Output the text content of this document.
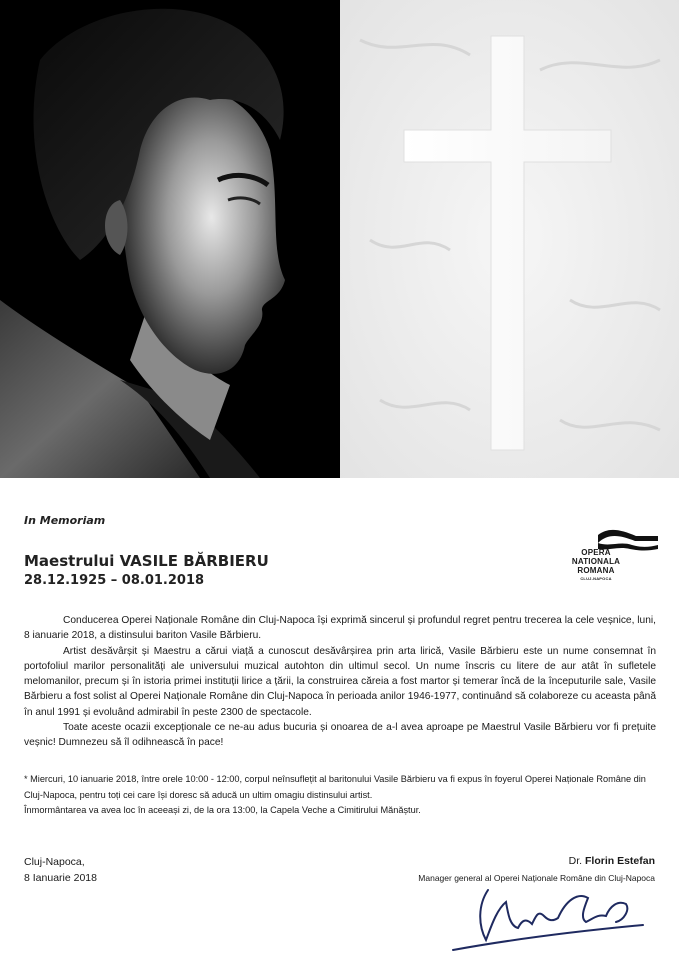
In Memoriam
Maestrului VASILE BĂRBIERU
28.12.1925 – 08.01.2018
OPERA
NATIONALA
ROMANA
CLUJ-NAPOCA

Conducerea Operei Naționale Române din Cluj-Napoca își exprimă sincerul și profundul regret pentru trecerea la cele veșnice, luni, 8 ianuarie 2018, a distinsului bariton Vasile Bărbieru.

Artist desăvârșit și Maestru a cărui viață a cunoscut desăvârșirea prin arta lirică, Vasile Bărbieru este un nume consemnat în portofoliul marilor personalități ale universului muzical autohton din ultimul secol. Un nume înscris cu litere de aur atât în sufletele melomanilor, precum și în istoria primei instituții lirice a țării, la construirea căreia a fost martor și temerar încă de la începuturile sale, Vasile Bărbieru a fost solist al Operei Naționale Române din Cluj-Napoca în perioada anilor 1946-1977, continuând să colaboreze cu aceasta până în anul 1991 și evoluând admirabil în peste 2300 de spectacole.

Toate aceste ocazii excepționale ce ne-au adus bucuria și onoarea de a-l avea aproape pe Maestrul Vasile Bărbieru vor fi prețuite veșnic! Dumnezeu să îl odihnească în pace!

* Miercuri, 10 ianuarie 2018, între orele 10:00 - 12:00, corpul neînsuflețit al baritonului Vasile Bărbieru va fi expus în foyerul Operei Naționale Române din Cluj-Napoca, pentru toți cei care își doresc să aducă un ultim omagiu distinsului artist.

Înmormântarea va avea loc în aceeași zi, de la ora 13:00, la Capela Veche a Cimitirului Mănăștur.

Cluj-Napoca,
8 Ianuarie 2018
Dr. Florin Estefan
Manager general al Operei Naționale Române din Cluj-Napoca
